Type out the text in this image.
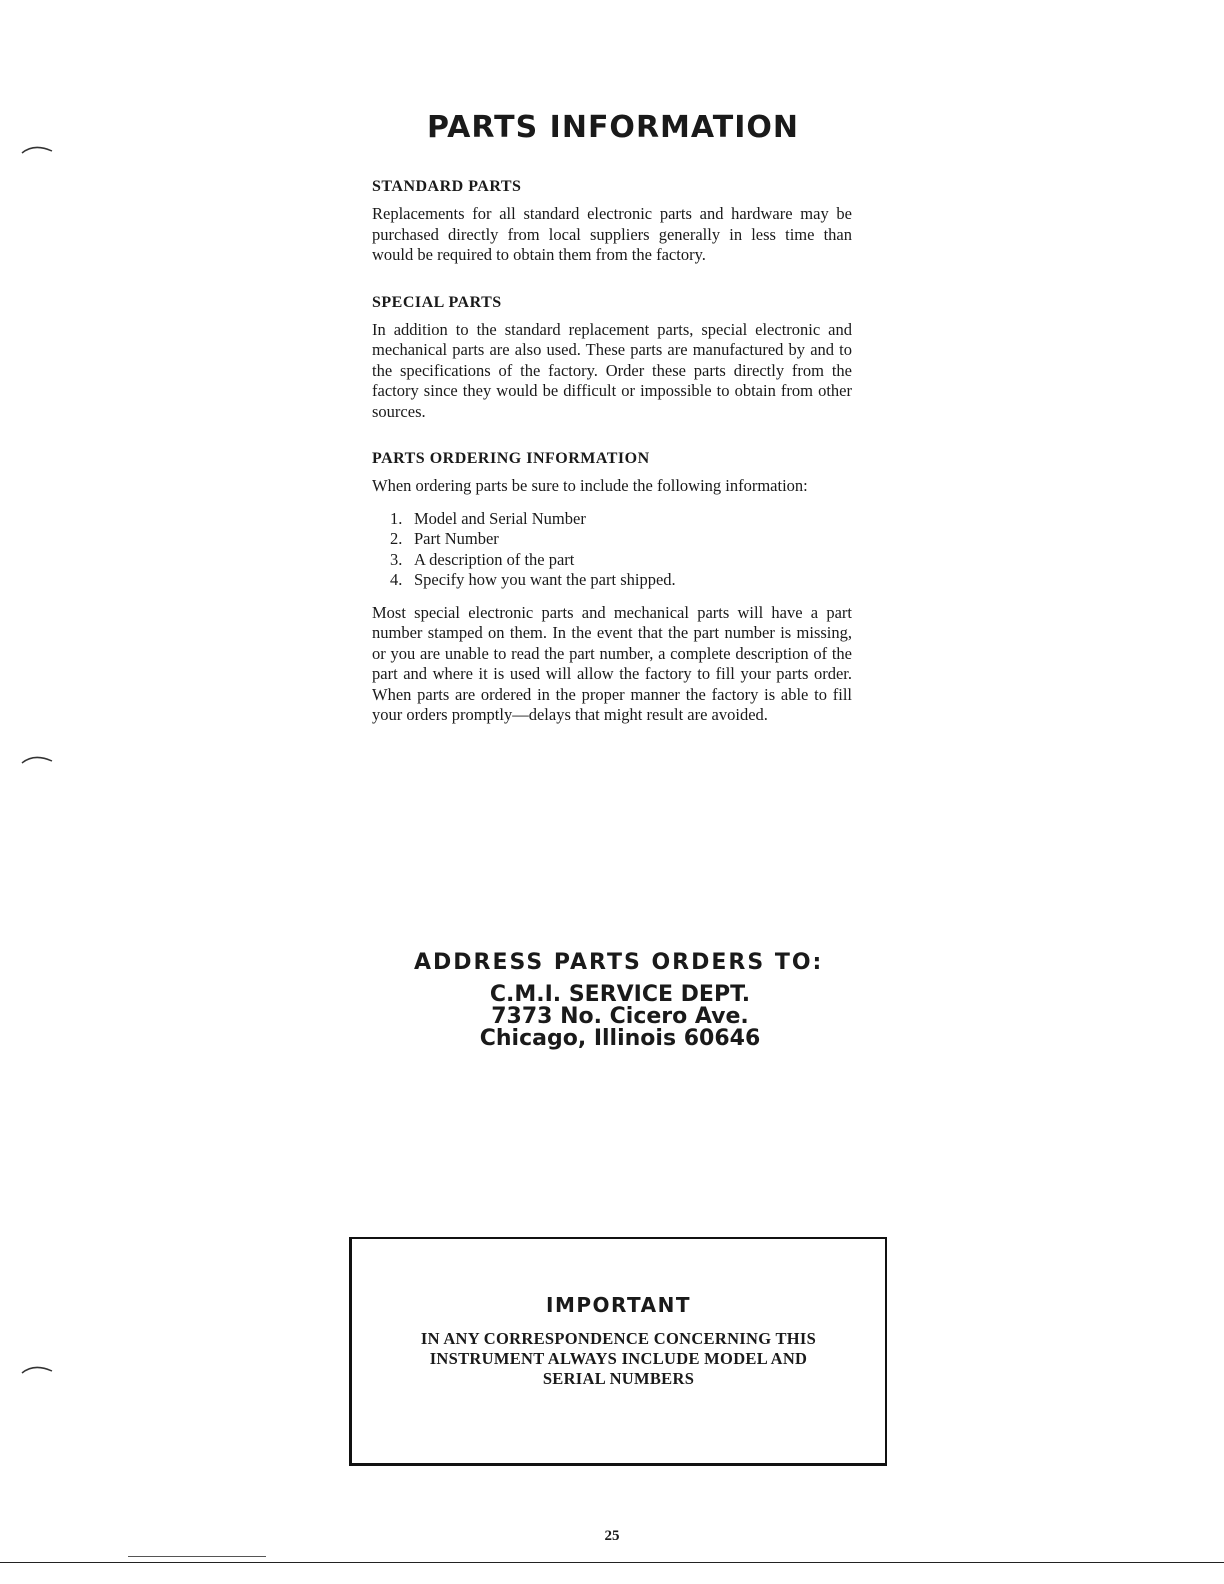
PARTS INFORMATION
STANDARD PARTS

Replacements for all standard electronic parts and hardware may be purchased directly from local suppliers generally in less time than would be required to obtain them from the factory.

SPECIAL PARTS

In addition to the standard replacement parts, special electronic and mechanical parts are also used. These parts are manufactured by and to the specifications of the factory. Order these parts directly from the factory since they would be difficult or impossible to obtain from other sources.

PARTS ORDERING INFORMATION

When ordering parts be sure to include the following information:

1. Model and Serial Number
2. Part Number
3. A description of the part
4. Specify how you want the part shipped.

Most special electronic parts and mechanical parts will have a part number stamped on them. In the event that the part number is missing, or you are unable to read the part number, a complete description of the part and where it is used will allow the factory to fill your parts order. When parts are ordered in the proper manner the factory is able to fill your orders promptly—delays that might result are avoided.

ADDRESS PARTS ORDERS TO:
C.M.I. SERVICE DEPT.
7373 No. Cicero Ave.
Chicago, Illinois 60646
IMPORTANT
IN ANY CORRESPONDENCE CONCERNING THIS
INSTRUMENT ALWAYS INCLUDE MODEL AND
SERIAL NUMBERS
25
